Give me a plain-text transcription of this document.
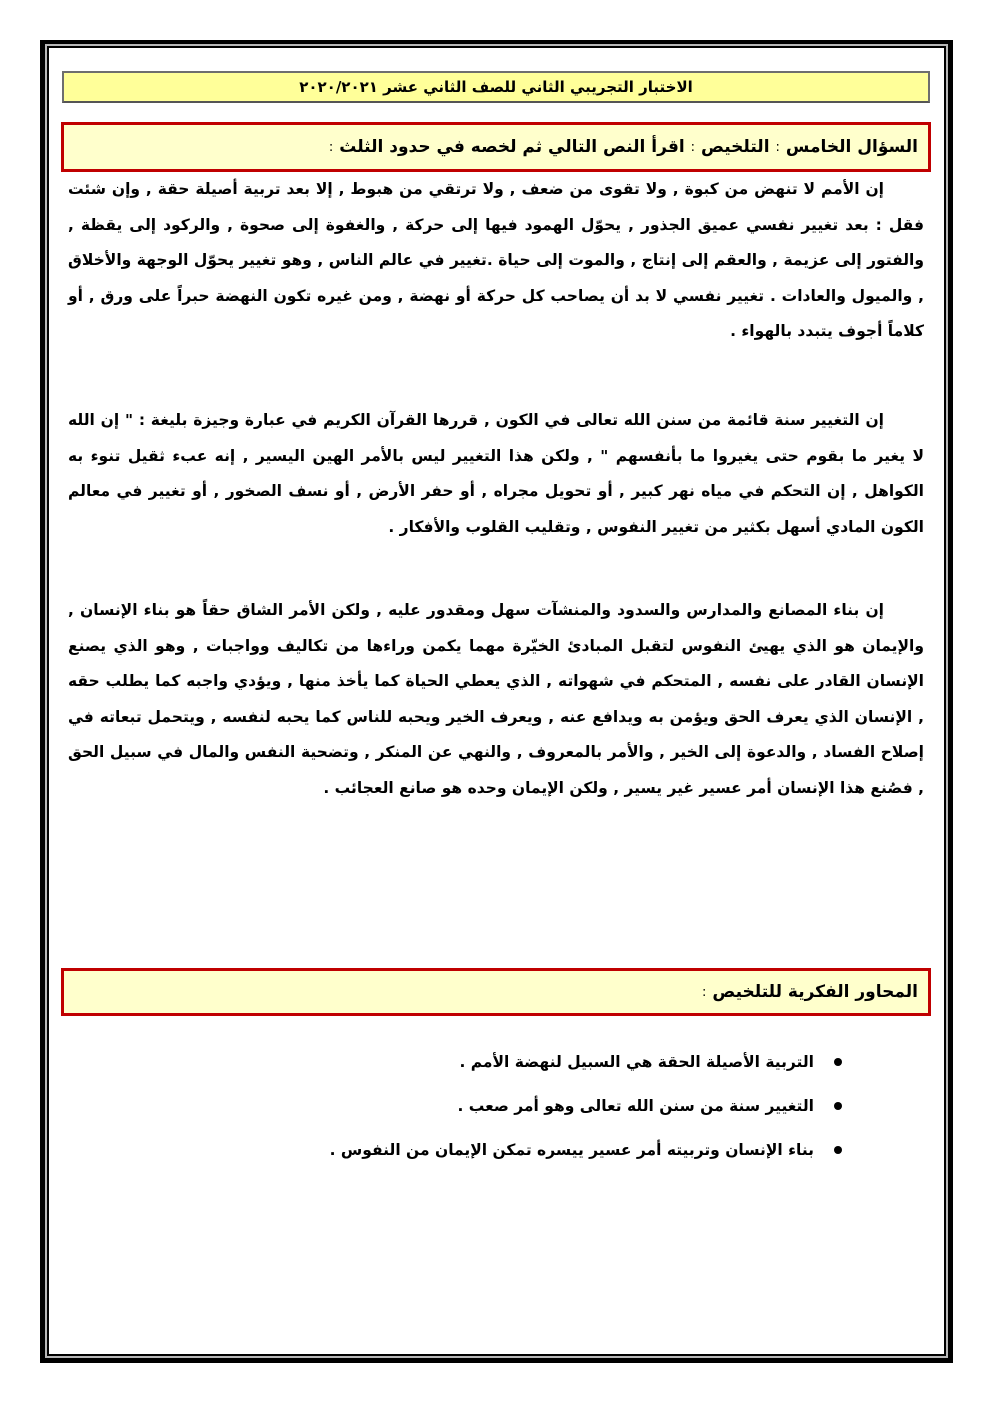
الاختبار التجريبي الثاني للصف الثاني عشر ٢٠٢٠/٢٠٢١
السؤال الخامس
:
التلخيص
:
اقرأ النص التالي ثم لخصه في حدود الثلث
:

إن الأمم لا تنهض من كبوة , ولا تقوى من ضعف , ولا ترتقي من هبوط , إلا بعد تربية أصيلة حقة , وإن شئت فقل : بعد تغيير نفسي عميق الجذور , يحوّل الهمود فيها إلى حركة , والغفوة إلى صحوة , والركود إلى يقظة , والفتور إلى عزيمة , والعقم إلى إنتاج , والموت إلى حياة .تغيير في عالم الناس , وهو تغيير يحوّل الوجهة والأخلاق , والميول والعادات . تغيير نفسي لا بد أن يصاحب كل حركة أو نهضة , ومن غيره تكون النهضة حبراً على ورق , أو كلاماً أجوف يتبدد بالهواء .

إن التغيير سنة قائمة من سنن الله تعالى في الكون , قررها القرآن الكريم في عبارة وجيزة بليغة : " إن الله لا يغير ما بقوم حتى يغيروا ما بأنفسهم " , ولكن هذا التغيير ليس بالأمر الهين اليسير , إنه عبء ثقيل تنوء به الكواهل , إن التحكم في مياه نهر كبير , أو تحويل مجراه , أو حفر الأرض , أو نسف الصخور , أو تغيير في معالم الكون المادي أسهل بكثير من تغيير النفوس , وتقليب القلوب والأفكار .

إن بناء المصانع والمدارس والسدود والمنشآت سهل ومقدور عليه , ولكن الأمر الشاق حقاً هو بناء الإنسان , والإيمان هو الذي يهيئ النفوس لتقبل المبادئ الخيّرة مهما يكمن وراءها من تكاليف وواجبات , وهو الذي يصنع الإنسان القادر على نفسه , المتحكم في شهواته , الذي يعطي الحياة كما يأخذ منها , ويؤدي واجبه كما يطلب حقه , الإنسان الذي يعرف الحق ويؤمن به ويدافع عنه , ويعرف الخير ويحبه للناس كما يحبه لنفسه , ويتحمل تبعاته في إصلاح الفساد , والدعوة إلى الخير , والأمر بالمعروف , والنهي عن المنكر , وتضحية النفس والمال في سبيل الحق , فصُنع هذا الإنسان أمر عسير غير يسير , ولكن الإيمان وحده هو صانع العجائب .

المحاور الفكرية للتلخيص
:
التربية الأصيلة الحقة هي السبيل لنهضة الأمم .
التغيير سنة من سنن الله تعالى وهو أمر صعب .
بناء الإنسان وتربيته أمر عسير ييسره تمكن الإيمان من النفوس .
